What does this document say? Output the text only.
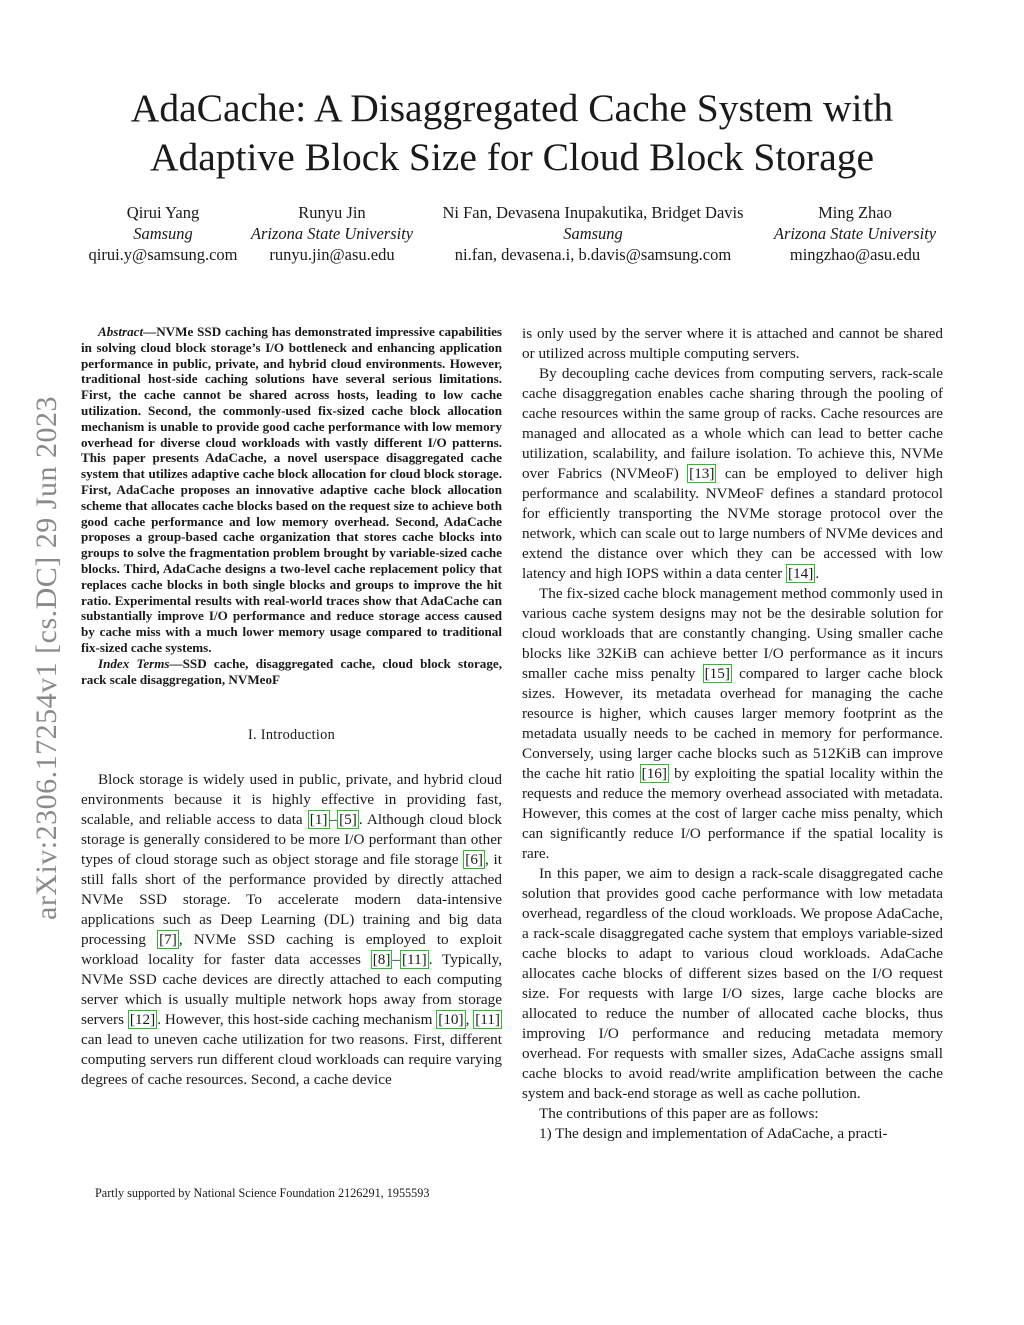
arXiv:2306.17254v1 [cs.DC] 29 Jun 2023
AdaCache: A Disaggregated Cache System with
Adaptive Block Size for Cloud Block Storage
Qirui Yang
Samsung
qirui.y@samsung.com
Runyu Jin
Arizona State University
runyu.jin@asu.edu
Ni Fan, Devasena Inupakutika, Bridget Davis
Samsung
ni.fan, devasena.i, b.davis@samsung.com
Ming Zhao
Arizona State University
mingzhao@asu.edu

Abstract—NVMe SSD caching has demonstrated impressive capabilities in solving cloud block storage’s I/O bottleneck and enhancing application performance in public, private, and hybrid cloud environments. However, traditional host-side caching solutions have several serious limitations. First, the cache cannot be shared across hosts, leading to low cache utilization. Second, the commonly-used fix-sized cache block allocation mechanism is unable to provide good cache performance with low memory overhead for diverse cloud workloads with vastly different I/O patterns. This paper presents AdaCache, a novel userspace disaggregated cache system that utilizes adaptive cache block allocation for cloud block storage. First, AdaCache proposes an innovative adaptive cache block allocation scheme that allocates cache blocks based on the request size to achieve both good cache performance and low memory overhead. Second, AdaCache proposes a group-based cache organization that stores cache blocks into groups to solve the fragmentation problem brought by variable-sized cache blocks. Third, AdaCache designs a two-level cache replacement policy that replaces cache blocks in both single blocks and groups to improve the hit ratio. Experimental results with real-world traces show that AdaCache can substantially improve I/O performance and reduce storage access caused by cache miss with a much lower memory usage compared to traditional fix-sized cache systems.

Index Terms—SSD cache, disaggregated cache, cloud block storage, rack scale disaggregation, NVMeoF

I. Introduction

Block storage is widely used in public, private, and hybrid cloud environments because it is highly effective in providing fast, scalable, and reliable access to data [1] – [5] . Although cloud block storage is generally considered to be more I/O performant than other types of cloud storage such as object storage and file storage [6] , it still falls short of the performance provided by directly attached NVMe SSD storage. To accelerate modern data-intensive applications such as Deep Learning (DL) training and big data processing [7] , NVMe SSD caching is employed to exploit workload locality for faster data accesses [8] – [11] . Typically, NVMe SSD cache devices are directly attached to each computing server which is usually multiple network hops away from storage servers [12] . However, this host-side caching mechanism [10] , [11] can lead to uneven cache utilization for two reasons. First, different computing servers run different cloud workloads can require varying degrees of cache resources. Second, a cache device

Partly supported by National Science Foundation 2126291, 1955593

is only used by the server where it is attached and cannot be shared or utilized across multiple computing servers.

By decoupling cache devices from computing servers, rack-scale cache disaggregation enables cache sharing through the pooling of cache resources within the same group of racks. Cache resources are managed and allocated as a whole which can lead to better cache utilization, scalability, and failure isolation. To achieve this, NVMe over Fabrics (NVMeoF) [13] can be employed to deliver high performance and scalability. NVMeoF defines a standard protocol for efficiently transporting the NVMe storage protocol over the network, which can scale out to large numbers of NVMe devices and extend the distance over which they can be accessed with low latency and high IOPS within a data center [14] .

The fix-sized cache block management method commonly used in various cache system designs may not be the desirable solution for cloud workloads that are constantly changing. Using smaller cache blocks like 32KiB can achieve better I/O performance as it incurs smaller cache miss penalty [15] compared to larger cache block sizes. However, its metadata overhead for managing the cache resource is higher, which causes larger memory footprint as the metadata usually needs to be cached in memory for performance. Conversely, using larger cache blocks such as 512KiB can improve the cache hit ratio [16] by exploiting the spatial locality within the requests and reduce the memory overhead associated with metadata. However, this comes at the cost of larger cache miss penalty, which can significantly reduce I/O performance if the spatial locality is rare.

In this paper, we aim to design a rack-scale disaggregated cache solution that provides good cache performance with low metadata overhead, regardless of the cloud workloads. We propose AdaCache, a rack-scale disaggregated cache system that employs variable-sized cache blocks to adapt to various cloud workloads. AdaCache allocates cache blocks of different sizes based on the I/O request size. For requests with large I/O sizes, large cache blocks are allocated to reduce the number of allocated cache blocks, thus improving I/O performance and reducing metadata memory overhead. For requests with smaller sizes, AdaCache assigns small cache blocks to avoid read/write amplification between the cache system and back-end storage as well as cache pollution.

The contributions of this paper are as follows:

1) The design and implementation of AdaCache, a practi-
